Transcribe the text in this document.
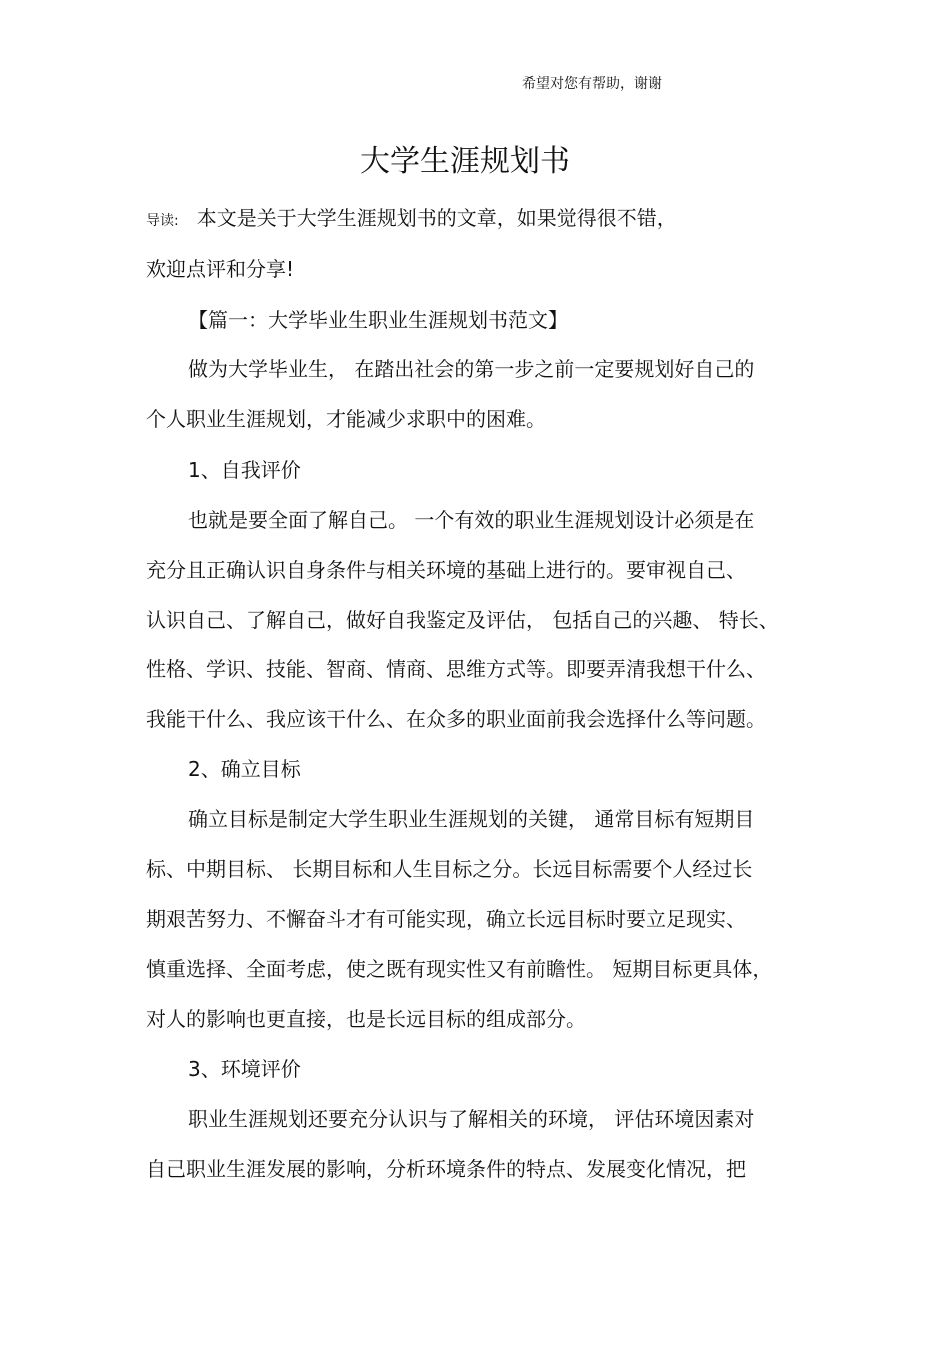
希望对您有帮助，谢谢
大学生涯规划书
导读: 本文是关于大学生涯规划书的文章，如果觉得很不错，
欢迎点评和分享!
【篇一：大学毕业生职业生涯规划书范文】
做为大学毕业生， 在踏出社会的第一步之前一定要规划好自己的
个人职业生涯规划，才能减少求职中的困难。
1、自我评价
也就是要全面了解自己。 一个有效的职业生涯规划设计必须是在
充分且正确认识自身条件与相关环境的基础上进行的。要审视自己、
认识自己、了解自己，做好自我鉴定及评估， 包括自己的兴趣、 特长、
性格、学识、技能、智商、情商、思维方式等。即要弄清我想干什么、
我能干什么、我应该干什么、在众多的职业面前我会选择什么等问题。
2、确立目标
确立目标是制定大学生职业生涯规划的关键， 通常目标有短期目
标、中期目标、 长期目标和人生目标之分。长远目标需要个人经过长
期艰苦努力、不懈奋斗才有可能实现，确立长远目标时要立足现实、
慎重选择、全面考虑，使之既有现实性又有前瞻性。 短期目标更具体，
对人的影响也更直接，也是长远目标的组成部分。
3、环境评价
职业生涯规划还要充分认识与了解相关的环境， 评估环境因素对
自己职业生涯发展的影响，分析环境条件的特点、发展变化情况，把
